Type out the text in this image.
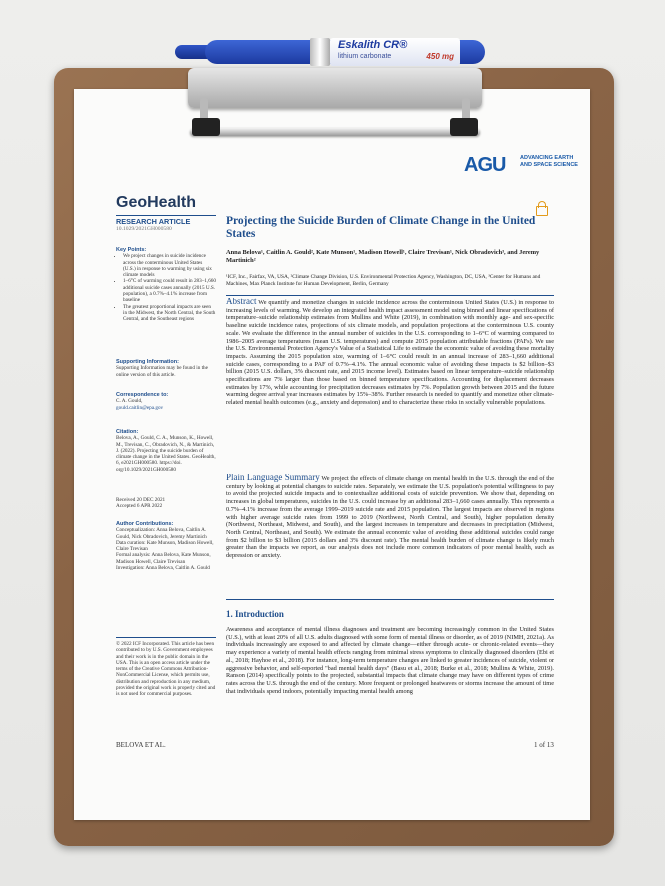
AGU	ADVANCING EARTH AND SPACE SCIENCE
GeoHealth
RESEARCH ARTICLE
10.1029/2021GH000580
Key Points:
• We project changes in suicide incidence across the conterminous United States (U.S.) in response to warming by using six climate models
• 1–6°C of warming could result in 283–1,660 additional suicide cases annually (2015 U.S. population), a 0.7%–4.1% increase from baseline
• The greatest proportional impacts are seen in the Midwest, the North Central, the South Central, and the Southeast regions
Supporting Information:

Supporting Information may be found in the online version of this article.

Correspondence to:

C. A. Gould,

gould.caitlin@epa.gov

Citation:

Belova, A., Gould, C. A., Munson, K., Howell, M., Trevisan, C., Obradovich, N., & Martinich, J. (2022). Projecting the suicide burden of climate change in the United States. GeoHealth, 6, e2021GH000580. https://doi. org/10.1029/2021GH000580

Received 20 DEC 2021

Accepted 6 APR 2022

Author Contributions:

Conceptualization: Anna Belova, Caitlin A. Gould, Nick Obradovich, Jeremy Martinich

Data curation: Kate Munson, Madison Howell, Claire Trevisan

Formal analysis: Anna Belova, Kate Munson, Madison Howell, Claire Trevisan

Investigation: Anna Belova, Caitlin A. Gould

© 2022 ICF Incorporated. This article has been contributed to by U.S. Government employees and their work is in the public domain in the USA. This is an open access article under the terms of the Creative Commons Attribution-NonCommercial License, which permits use, distribution and reproduction in any medium, provided the original work is properly cited and is not used for commercial purposes.

Projecting the Suicide Burden of Climate Change in the United States
Anna Belova¹, Caitlin A. Gould², Kate Munson¹, Madison Howell¹, Claire Trevisan¹, Nick Obradovich³, and Jeremy Martinich²
¹ICF, Inc., Fairfax, VA, USA, ²Climate Change Division, U.S. Environmental Protection Agency, Washington, DC, USA, ³Center for Humans and Machines, Max Planck Institute for Human Development, Berlin, Germany

Abstract We quantify and monetize changes in suicide incidence across the conterminous United States (U.S.) in response to increasing levels of warming. We develop an integrated health impact assessment model using binned and linear specifications of temperature–suicide relationship estimates from Mullins and White (2019), in combination with monthly age- and sex-specific baseline suicide incidence rates, projections of six climate models, and population projections at the conterminous U.S. county scale. We evaluate the difference in the annual number of suicides in the U.S. corresponding to 1–6°C of warming compared to 1986–2005 average temperatures (mean U.S. temperatures) and compute 2015 population attributable fractions (PAFs). We use the U.S. Environmental Protection Agency's Value of a Statistical Life to estimate the economic value of avoiding these mortality impacts. Assuming the 2015 population size, warming of 1–6°C could result in an annual increase of 283–1,660 additional suicide cases, corresponding to a PAF of 0.7%–4.1%. The annual economic value of avoiding these impacts is $2 billion–$3 billion (2015 U.S. dollars, 3% discount rate, and 2015 income level). Estimates based on linear temperature–suicide relationship specifications are 7% larger than those based on binned temperature specifications. Accounting for displacement decreases estimates by 17%, while accounting for precipitation decreases estimates by 7%. Population growth between 2015 and the future warming degree arrival year increases estimates by 15%–38%. Further research is needed to quantify and monetize other climate-related mental health outcomes (e.g., anxiety and depression) and to characterize these risks in socially vulnerable populations.

Plain Language Summary We project the effects of climate change on mental health in the U.S. through the end of the century by looking at potential changes to suicide rates. Separately, we estimate the U.S. population's potential willingness to pay to avoid the projected suicide impacts and to contextualize additional costs of suicide prevention. We show that, depending on increases in global temperatures, suicides in the U.S. could increase by an additional 283–1,660 cases annually. This represents a 0.7%–4.1% increase from the average 1999–2019 suicide rate and 2015 population. The largest impacts are observed in regions with higher average suicide rates from 1999 to 2019 (Northwest, North Central, and South), higher population density (Northwest, Northeast, Midwest, and South), and the largest increases in temperature and decreases in precipitation (Midwest, North Central, Northeast, and South). We estimate the annual economic value of avoiding these additional suicides could range from $2 billion to $3 billion (2015 dollars and 3% discount rate). The mental health burden of climate change is likely much greater than the impacts we report, as our analysis does not include more common indicators of poor mental health, such as depression or anxiety.

1. Introduction

Awareness and acceptance of mental illness diagnoses and treatment are becoming increasingly common in the United States (U.S.), with at least 20% of all U.S. adults diagnosed with some form of mental illness or disorder, as of 2019 (NIMH, 2021a). As individuals increasingly are exposed to and affected by climate change—either through acute- or chronic-related events—they may experience a variety of mental health effects ranging from minimal stress symptoms to clinically diagnosed disorders (Ebi et al., 2018; Hayhoe et al., 2018). For instance, long-term temperature changes are linked to greater incidences of suicide, violent or aggressive behavior, and self-reported "bad mental health days" (Basu et al., 2018; Burke et al., 2018; Mullins & White, 2019). Ranson (2014) specifically points to the projected, substantial impacts that climate change may have on different types of crime rates across the U.S. through the end of the century. More frequent or prolonged heatwaves or storms increase the amount of time that individuals spend indoors, potentially impacting mental health among

BELOVA ET AL.	1 of 13
Eskalith CR®
lithium carbonate	450 mg
